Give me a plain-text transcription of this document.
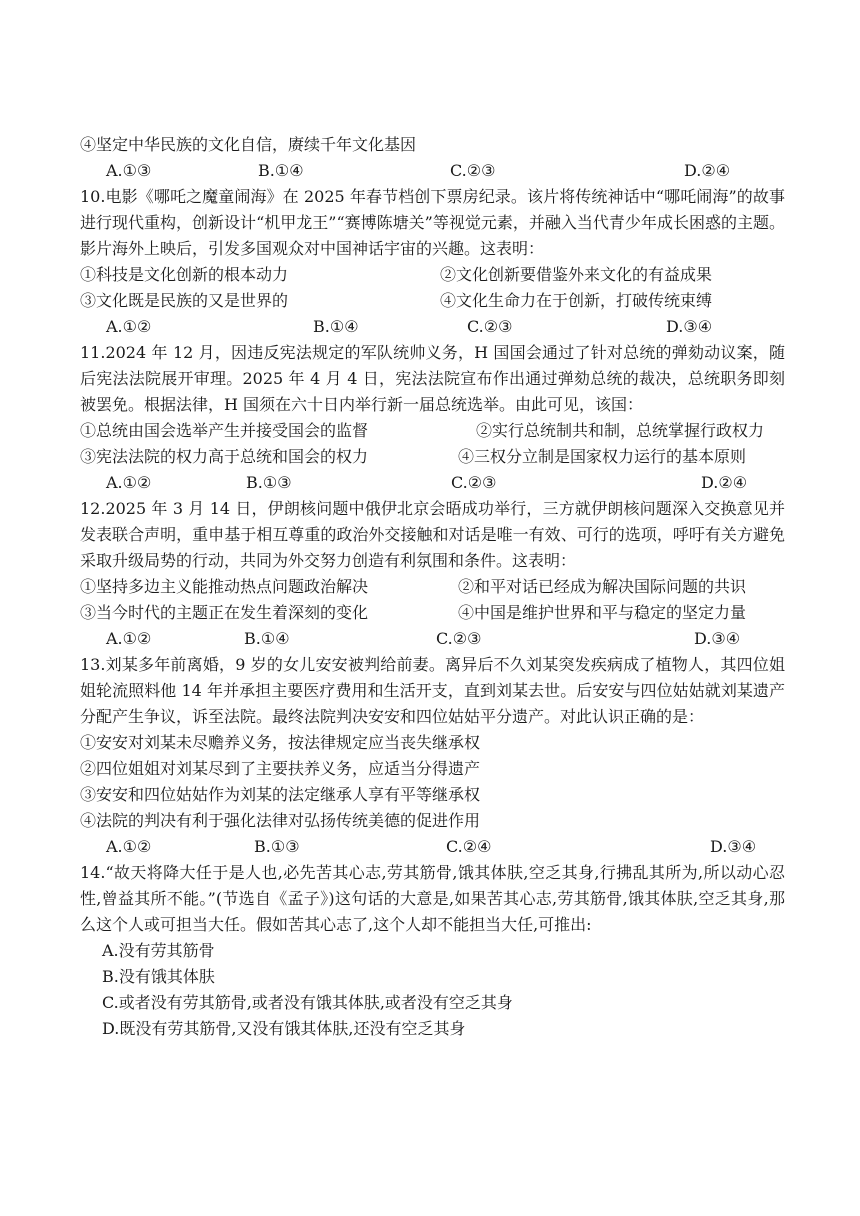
④坚定中华民族的文化自信，赓续千年文化基因
A.①③	B.①④	C.②③	D.②④

10.电影《哪吒之魔童闹海》在 2025 年春节档创下票房纪录。该片将传统神话中“哪吒闹海”的故事进行现代重构，创新设计“机甲龙王”“赛博陈塘关”等视觉元素，并融入当代青少年成长困惑的主题。影片海外上映后，引发多国观众对中国神话宇宙的兴趣。这表明：

①科技是文化创新的根本动力	②文化创新要借鉴外来文化的有益成果
③文化既是民族的又是世界的	④文化生命力在于创新，打破传统束缚
A.①②	B.①④	C.②③	D.③④

11.2024 年 12 月，因违反宪法规定的军队统帅义务，H 国国会通过了针对总统的弹劾动议案，随后宪法法院展开审理。2025 年 4 月 4 日，宪法法院宣布作出通过弹劾总统的裁决，总统职务即刻被罢免。根据法律，H 国须在六十日内举行新一届总统选举。由此可见，该国：

①总统由国会选举产生并接受国会的监督	②实行总统制共和制，总统掌握行政权力
③宪法法院的权力高于总统和国会的权力	④三权分立制是国家权力运行的基本原则
A.①②	B.①③	C.②③	D.②④

12.2025 年 3 月 14 日，伊朗核问题中俄伊北京会晤成功举行，三方就伊朗核问题深入交换意见并发表联合声明，重申基于相互尊重的政治外交接触和对话是唯一有效、可行的选项，呼吁有关方避免采取升级局势的行动，共同为外交努力创造有利氛围和条件。这表明：

①坚持多边主义能推动热点问题政治解决	②和平对话已经成为解决国际问题的共识
③当今时代的主题正在发生着深刻的变化	④中国是维护世界和平与稳定的坚定力量
A.①②	B.①④	C.②③	D.③④

13.刘某多年前离婚，9 岁的女儿安安被判给前妻。离异后不久刘某突发疾病成了植物人，其四位姐姐轮流照料他 14 年并承担主要医疗费用和生活开支，直到刘某去世。后安安与四位姑姑就刘某遗产分配产生争议，诉至法院。最终法院判决安安和四位姑姑平分遗产。对此认识正确的是：

①安安对刘某未尽赡养义务，按法律规定应当丧失继承权
②四位姐姐对刘某尽到了主要扶养义务，应适当分得遗产
③安安和四位姑姑作为刘某的法定继承人享有平等继承权
④法院的判决有利于强化法律对弘扬传统美德的促进作用
A.①②	B.①③	C.②④	D.③④

14.“故天将降大任于是人也,必先苦其心志,劳其筋骨,饿其体肤,空乏其身,行拂乱其所为,所以动心忍性,曾益其所不能。”(节选自《孟子》)这句话的大意是,如果苦其心志,劳其筋骨,饿其体肤,空乏其身,那么这个人或可担当大任。假如苦其心志了,这个人却不能担当大任,可推出:

A.没有劳其筋骨
B.没有饿其体肤
C.或者没有劳其筋骨,或者没有饿其体肤,或者没有空乏其身
D.既没有劳其筋骨,又没有饿其体肤,还没有空乏其身
